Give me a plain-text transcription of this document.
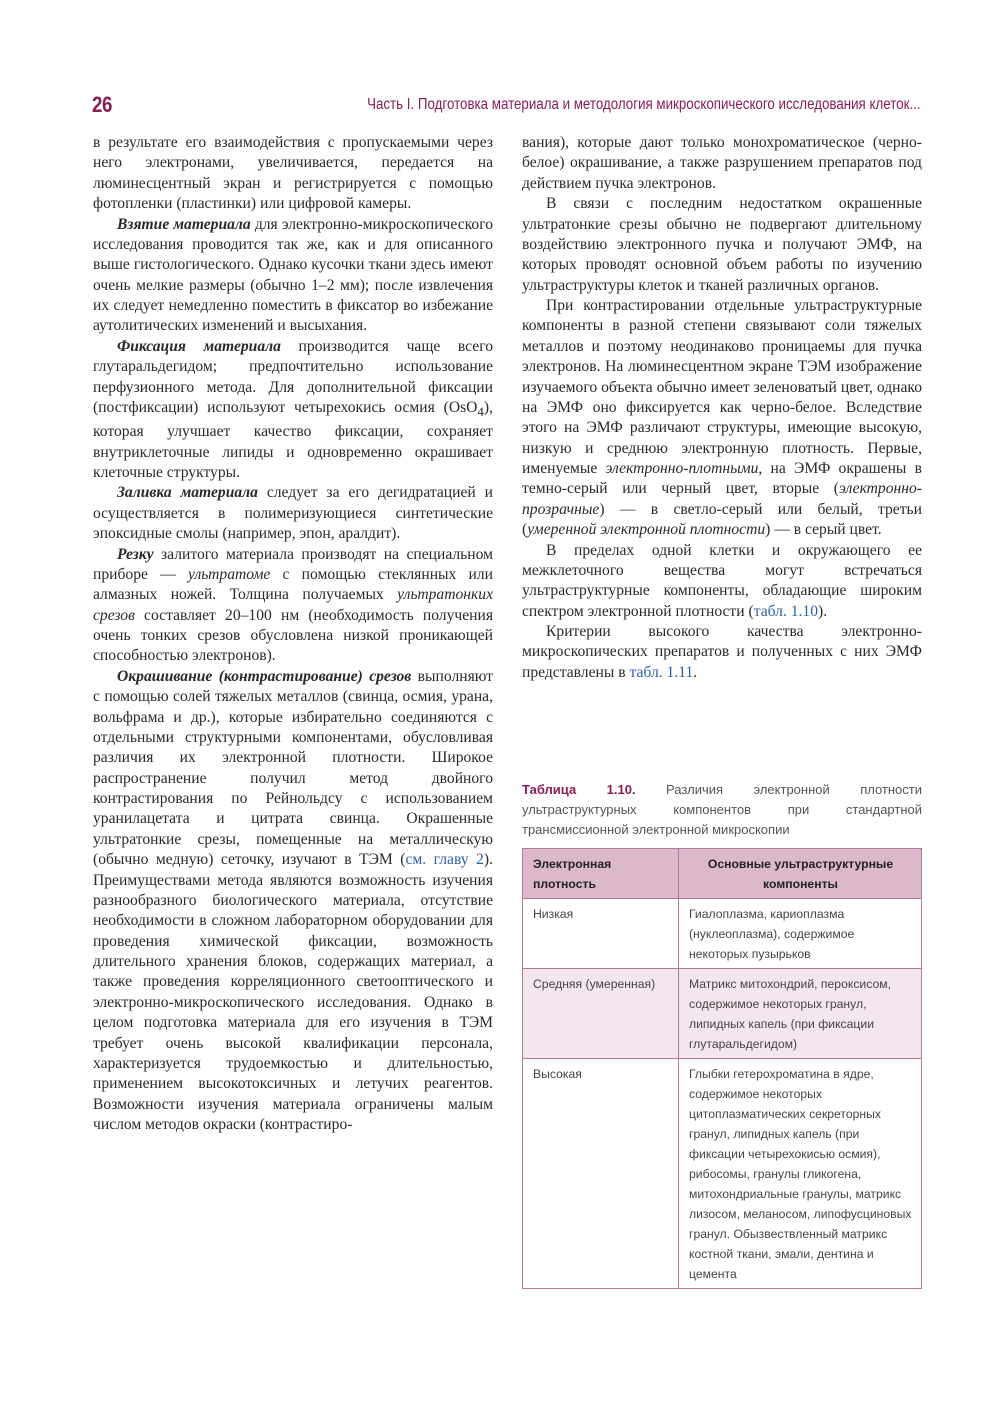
26	Часть I. Подготовка материала и методология микроскопического исследования клеток...

в результате его взаимодействия с пропускаемыми через него электронами, увеличивается, передается на люминесцентный экран и регистрируется с помощью фотопленки (пластинки) или цифровой камеры.

Взятие материала для электронно-микроскопического исследования проводится так же, как и для описанного выше гистологического. Однако кусочки ткани здесь имеют очень мелкие размеры (обычно 1–2 мм); после извлечения их следует немедленно поместить в фиксатор во избежание аутолитических изменений и высыхания.

Фиксация материала производится чаще всего глутаральдегидом; предпочтительно использование перфузионного метода. Для дополнительной фиксации (постфиксации) используют четырехокись осмия (OsO$_4$), которая улучшает качество фиксации, сохраняет внутриклеточные липиды и одновременно окрашивает клеточные структуры.

Заливка материала следует за его дегидратацией и осуществляется в полимеризующиеся синтетические эпоксидные смолы (например, эпон, аралдит).

Резку залитого материала производят на специальном приборе — ультратоме с помощью стеклянных или алмазных ножей. Толщина получаемых ультратонких срезов составляет 20–100 нм (необходимость получения очень тонких срезов обусловлена низкой проникающей способностью электронов).

Окрашивание (контрастирование) срезов выполняют с помощью солей тяжелых металлов (свинца, осмия, урана, вольфрама и др.), которые избирательно соединяются с отдельными структурными компонентами, обусловливая различия их электронной плотности. Широкое распространение получил метод двойного контрастирования по Рейнольдсу с использованием уранилацетата и цитрата свинца. Окрашенные ультратонкие срезы, помещенные на металлическую (обычно медную) сеточку, изучают в ТЭМ (см. главу 2). Преимуществами метода являются возможность изучения разнообразного биологического материала, отсутствие необходимости в сложном лабораторном оборудовании для проведения химической фиксации, возможность длительного хранения блоков, содержащих материал, а также проведения корреляционного светооптического и электронно-микроскопического исследования. Однако в целом подготовка материала для его изучения в ТЭМ требует очень высокой квалификации персонала, характеризуется трудоемкостью и длительностью, применением высокотоксичных и летучих реагентов. Возможности изучения материала ограничены малым числом методов окраски (контрастиро-

вания), которые дают только монохроматическое (черно-белое) окрашивание, а также разрушением препаратов под действием пучка электронов.

В связи с последним недостатком окрашенные ультратонкие срезы обычно не подвергают длительному воздействию электронного пучка и получают ЭМФ, на которых проводят основной объем работы по изучению ультраструктуры клеток и тканей различных органов.

При контрастировании отдельные ультраструктурные компоненты в разной степени связывают соли тяжелых металлов и поэтому неодинаково проницаемы для пучка электронов. На люминесцентном экране ТЭМ изображение изучаемого объекта обычно имеет зеленоватый цвет, однако на ЭМФ оно фиксируется как черно-белое. Вследствие этого на ЭМФ различают структуры, имеющие высокую, низкую и среднюю электронную плотность. Первые, именуемые электронно-плотными, на ЭМФ окрашены в темно-серый или черный цвет, вторые (электронно-прозрачные) — в светло-серый или белый, третьи (умеренной электронной плотности) — в серый цвет.

В пределах одной клетки и окружающего ее межклеточного вещества могут встречаться ультраструктурные компоненты, обладающие широким спектром электронной плотности (табл. 1.10).

Критерии высокого качества электронно-микроскопических препаратов и полученных с них ЭМФ представлены в табл. 1.11.

Таблица 1.10. Различия электронной плотности ультраструктурных компонентов при стандартной трансмиссионной электронной микроскопии
Электронная плотность	Основные ультраструктурные компоненты
Низкая	Гиалоплазма, кариоплазма (нуклеоплазма), содержимое некоторых пузырьков
Средняя (умеренная)	Матрикс митохондрий, пероксисом, содержимое некоторых гранул, липидных капель (при фиксации глутаральдегидом)
Высокая	Глыбки гетерохроматина в ядре, содержимое некоторых цитоплазматических секреторных гранул, липидных капель (при фиксации четырехокисью осмия), рибосомы, гранулы гликогена, митохондриальные гранулы, матрикс лизосом, меланосом, липофусциновых гранул. Обызвествленный матрикс костной ткани, эмали, дентина и цемента
